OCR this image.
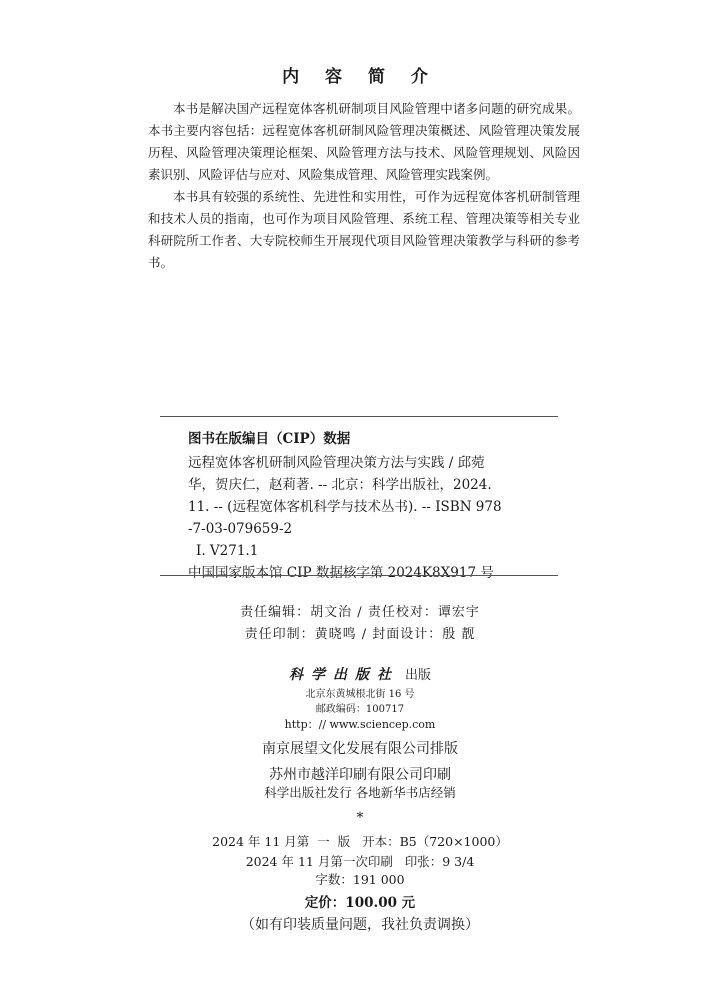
内 容 简 介

本书是解决国产远程宽体客机研制项目风险管理中诸多问题的研究成果。本书主要内容包括：远程宽体客机研制风险管理决策概述、风险管理决策发展历程、风险管理决策理论框架、风险管理方法与技术、风险管理规划、风险因素识别、风险评估与应对、风险集成管理、风险管理实践案例。

本书具有较强的系统性、先进性和实用性，可作为远程宽体客机研制管理和技术人员的指南，也可作为项目风险管理、系统工程、管理决策等相关专业科研院所工作者、大专院校师生开展现代项目风险管理决策教学与科研的参考书。

图书在版编目（CIP）数据
远程宽体客机研制风险管理决策方法与实践 / 邱菀
华，贺庆仁，赵莉著. -- 北京：科学出版社，2024.
11. -- (远程宽体客机科学与技术丛书). -- ISBN 978
-7-03-079659-2
Ⅰ. V271.1
中国国家版本馆 CIP 数据核字第 2024K8X917 号
责任编辑：胡文治 / 责任校对：谭宏宇
责任印制：黄晓鸣 / 封面设计：殷 靓
科学出版社 出版
北京东黄城根北街 16 号
邮政编码：100717
http：// www.sciencep.com
南京展望文化发展有限公司排版
苏州市越洋印刷有限公司印刷
科学出版社发行 各地新华书店经销
*
2024 年 11 月第  一  版   开本：B5（720×1000）
2024 年 11 月第一次印刷   印张：9 3/4
字数：191 000
定价：100.00 元
（如有印装质量问题，我社负责调换）
